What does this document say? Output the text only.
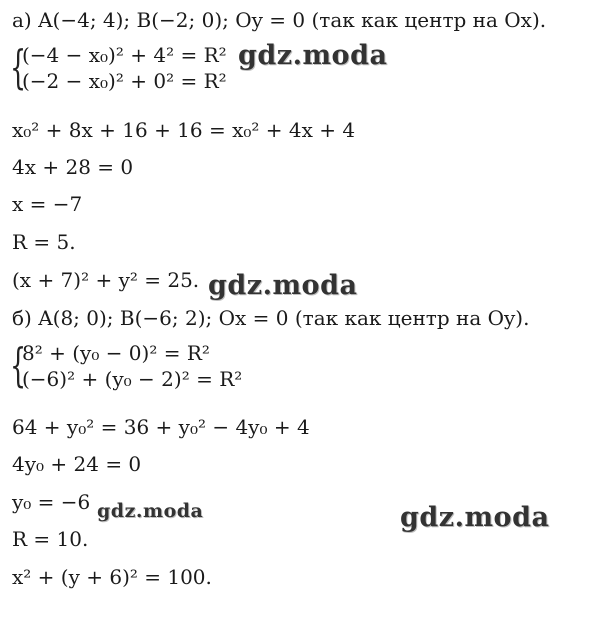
а) A(−4; 4); B(−2; 0); Oy = 0 (так как центр на Ox).
{
(−4 − x₀)² + 4² = R²
(−2 − x₀)² + 0² = R²
x₀² + 8x + 16 + 16 = x₀² + 4x + 4
4x + 28 = 0
x = −7
R = 5.
(x + 7)² + y² = 25.
б) A(8; 0); B(−6; 2); Ox = 0 (так как центр на Oy).
{
8² + (y₀ − 0)² = R²
(−6)² + (y₀ − 2)² = R²
64 + y₀² = 36 + y₀² − 4y₀ + 4
4y₀ + 24 = 0
y₀ = −6
R = 10.
x² + (y + 6)² = 100.
gdz.moda
gdz.moda
gdz.moda	gdz.moda
